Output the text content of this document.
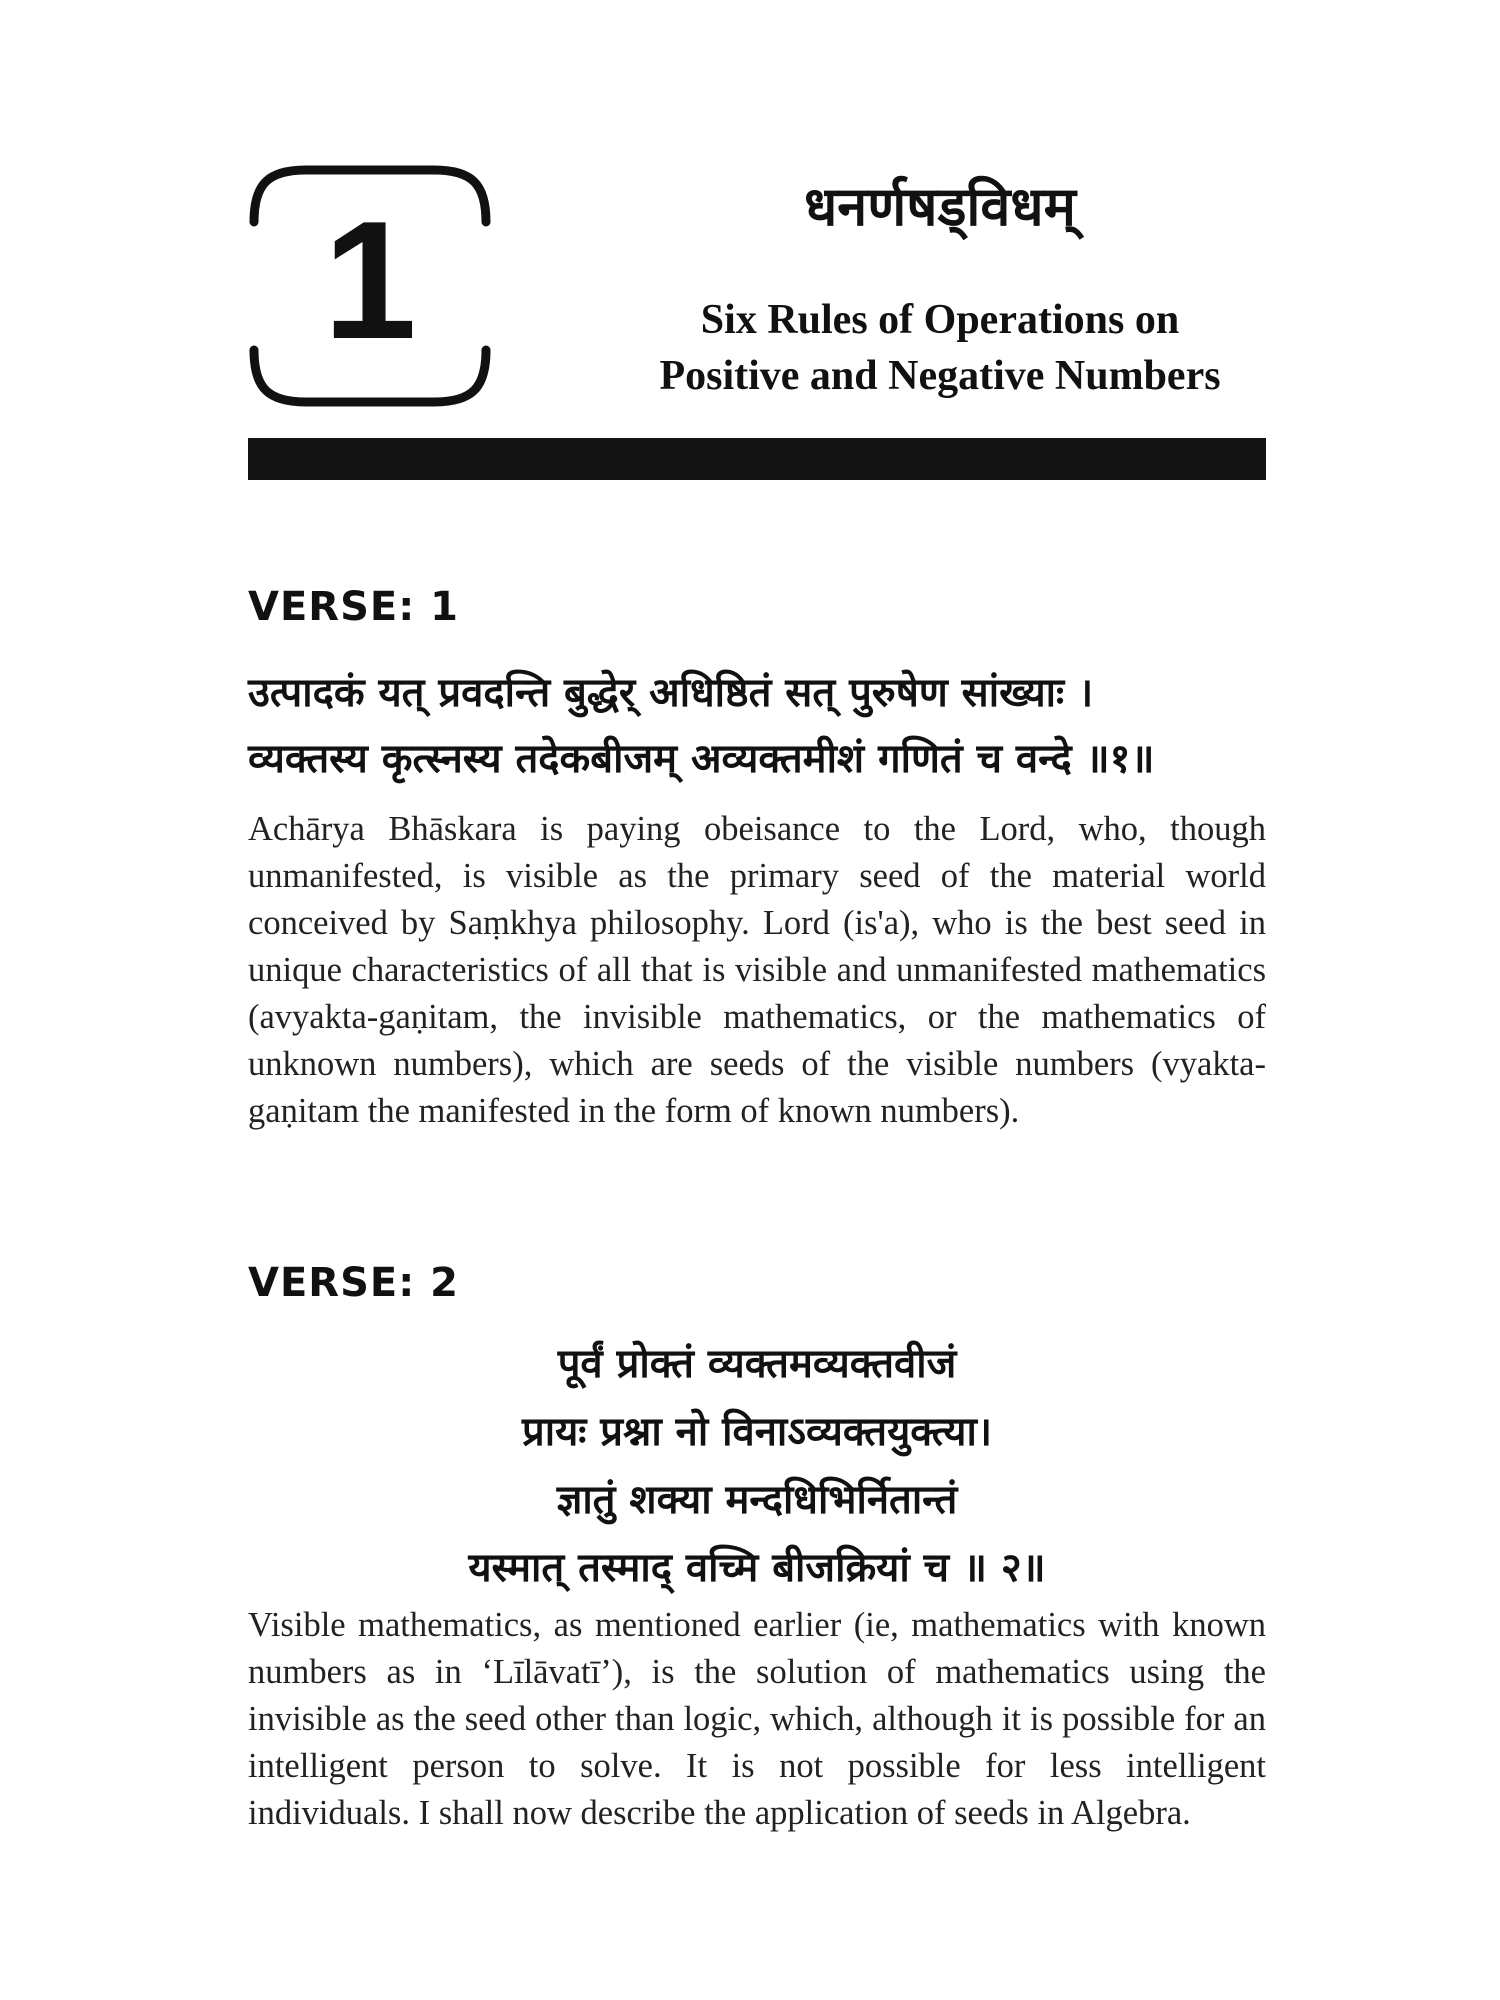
1	धनर्णषड्विधम्
Six Rules of Operations on
Positive and Negative Numbers
VERSE: 1
उत्पादकं यत् प्रवदन्ति बुद्धेर् अधिष्ठितं सत् पुरुषेण सांख्याः ।
व्यक्तस्य कृत्स्नस्य तदेकबीजम् अव्यक्तमीशं गणितं च वन्दे ॥१॥
Achārya Bhāskara is paying obeisance to the Lord, who, though unmanifested, is visible as the primary seed of the material world conceived by Saṃkhya philosophy. Lord (is'a), who is the best seed in unique characteristics of all that is visible and unmanifested mathematics (avyakta-gaṇitam, the invisible mathematics, or the mathematics of unknown numbers), which are seeds of the visible numbers (vyakta-gaṇitam the manifested in the form of known numbers).
VERSE: 2
पूर्वं प्रोक्तं व्यक्तमव्यक्तवीजं
प्रायः प्रश्ना नो विनाऽव्यक्तयुक्त्या।
ज्ञातुं शक्या मन्दधिभिर्नितान्तं
यस्मात् तस्माद् वच्मि बीजक्रियां च ॥ २॥
Visible mathematics, as mentioned earlier (ie, mathematics with known numbers as in ‘Līlāvatī’), is the solution of mathematics using the invisible as the seed other than logic, which, although it is possible for an intelligent person to solve. It is not possible for less intelligent individuals. I shall now describe the application of seeds in Algebra.
